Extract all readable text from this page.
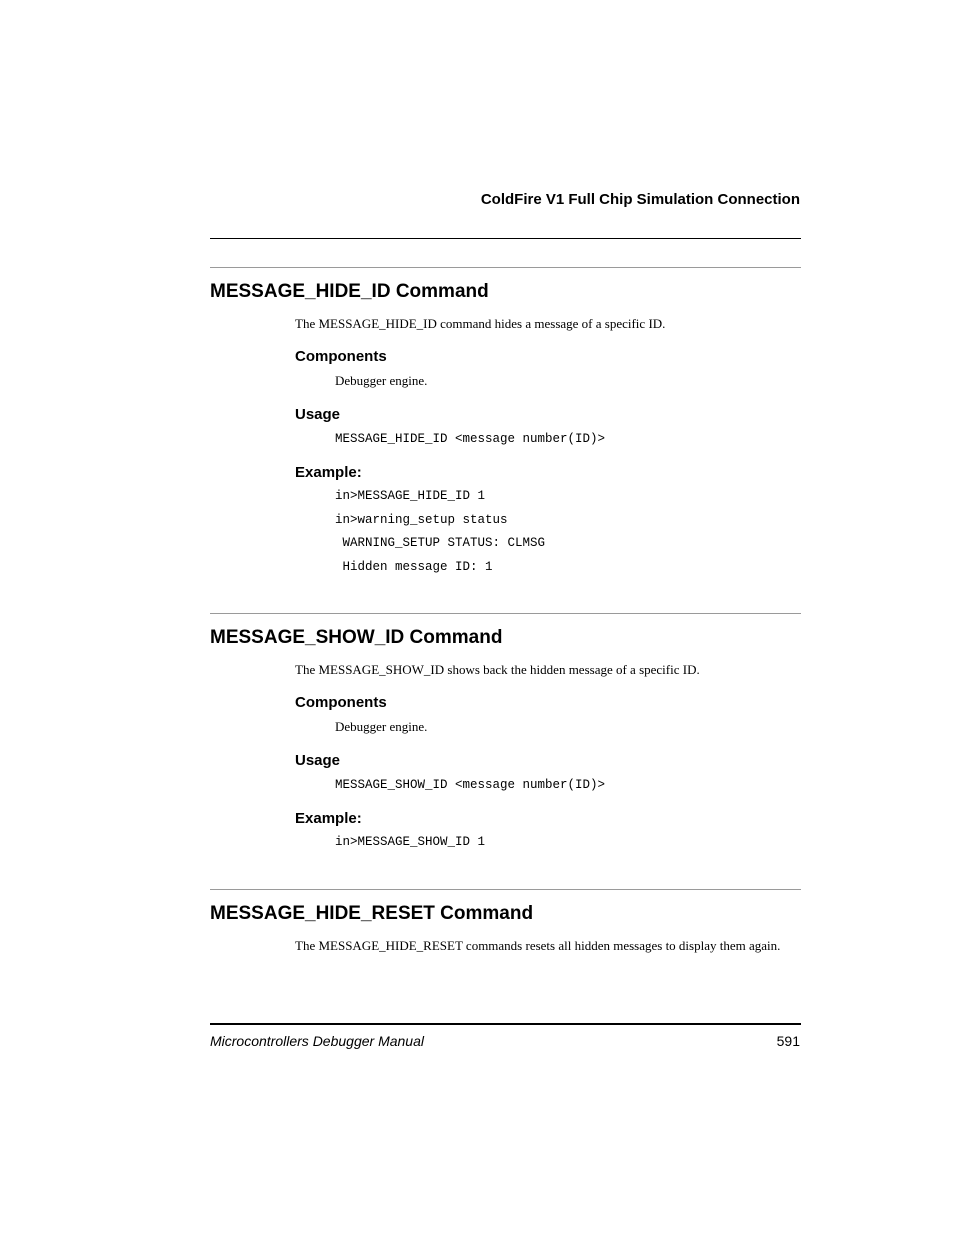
ColdFire V1 Full Chip Simulation Connection
MESSAGE_HIDE_ID Command
The MESSAGE_HIDE_ID command hides a message of a specific ID.
Components
Debugger engine.
Usage
MESSAGE_HIDE_ID <message number(ID)>
Example:
in>MESSAGE_HIDE_ID 1
in>warning_setup status
WARNING_SETUP STATUS: CLMSG
Hidden message ID: 1
MESSAGE_SHOW_ID Command
The MESSAGE_SHOW_ID shows back the hidden message of a specific ID.
Components
Debugger engine.
Usage
MESSAGE_SHOW_ID <message number(ID)>
Example:
in>MESSAGE_SHOW_ID 1
MESSAGE_HIDE_RESET Command
The MESSAGE_HIDE_RESET commands resets all hidden messages to display them again.
Microcontrollers Debugger Manual	591
